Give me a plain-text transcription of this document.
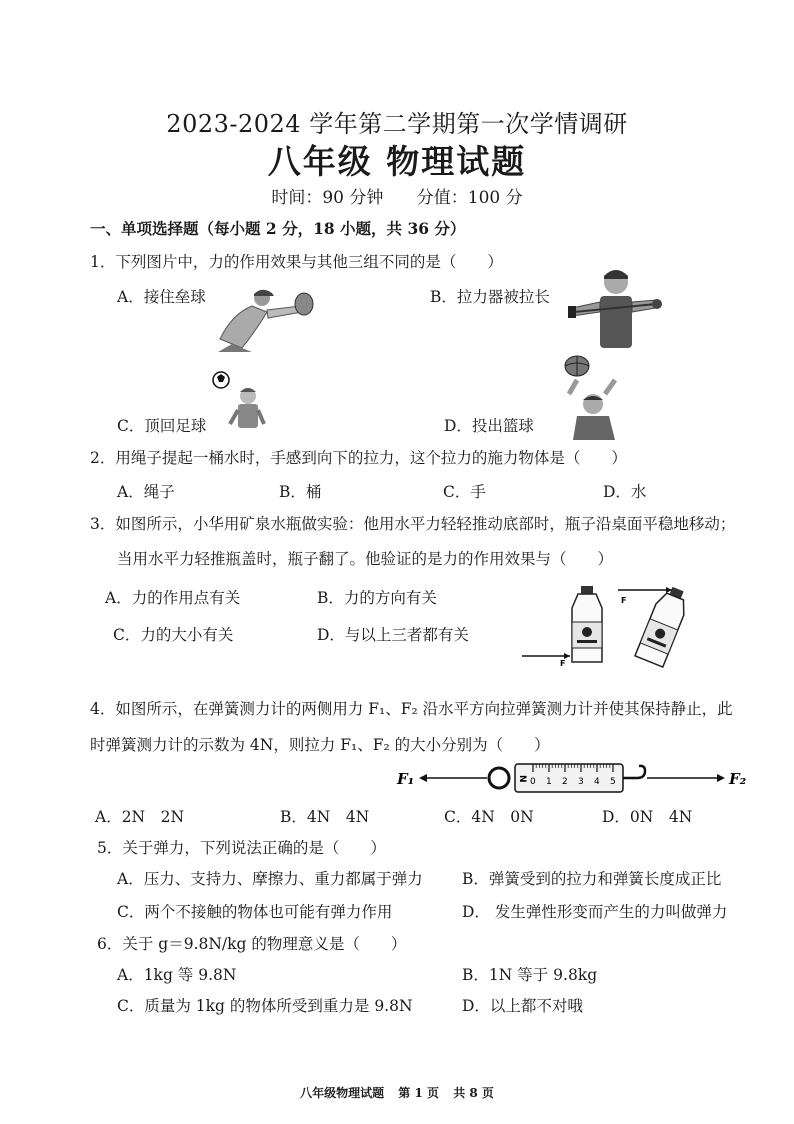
2023-2024 学年第二学期第一次学情调研
八年级 物理试题
时间：90 分钟 分值：100 分
一、单项选择题（每小题 2 分，18 小题，共 36 分）
1．下列图片中，力的作用效果与其他三组不同的是（　　）
A．接住垒球	B．拉力器被拉长
C．顶回足球	D．投出篮球
2．用绳子提起一桶水时，手感到向下的拉力，这个拉力的施力物体是（　　）
A．绳子	B．桶	C．手	D．水
3．如图所示，小华用矿泉水瓶做实验：他用水平力轻轻推动底部时，瓶子沿桌面平稳地移动；
当用水平力轻推瓶盖时，瓶子翻了。他验证的是力的作用效果与（　　）
A．力的作用点有关	B．力的方向有关
C．力的大小有关	D．与以上三者都有关
F
F
4．如图所示，在弹簧测力计的两侧用力 F₁、F₂ 沿水平方向拉弹簧测力计并使其保持静止，此
时弹簧测力计的示数为 4N，则拉力 F₁、F₂ 的大小分别为（　　）
F₁	0 1 2 3 4 5
N	F₂
A．2N　2N	B．4N　4N	C．4N　0N	D．0N　4N
5．关于弹力，下列说法正确的是（　　）
A．压力、支持力、摩擦力、重力都属于弹力	B．弹簧受到的拉力和弹簧长度成正比
C．两个不接触的物体也可能有弹力作用	D． 发生弹性形变而产生的力叫做弹力
6．关于 g＝9.8N/kg 的物理意义是（　　）
A．1kg 等 9.8N	B．1N 等于 9.8kg
C．质量为 1kg 的物体所受到重力是 9.8N	D．以上都不对哦
八年级物理试题 第 1 页 共 8 页
